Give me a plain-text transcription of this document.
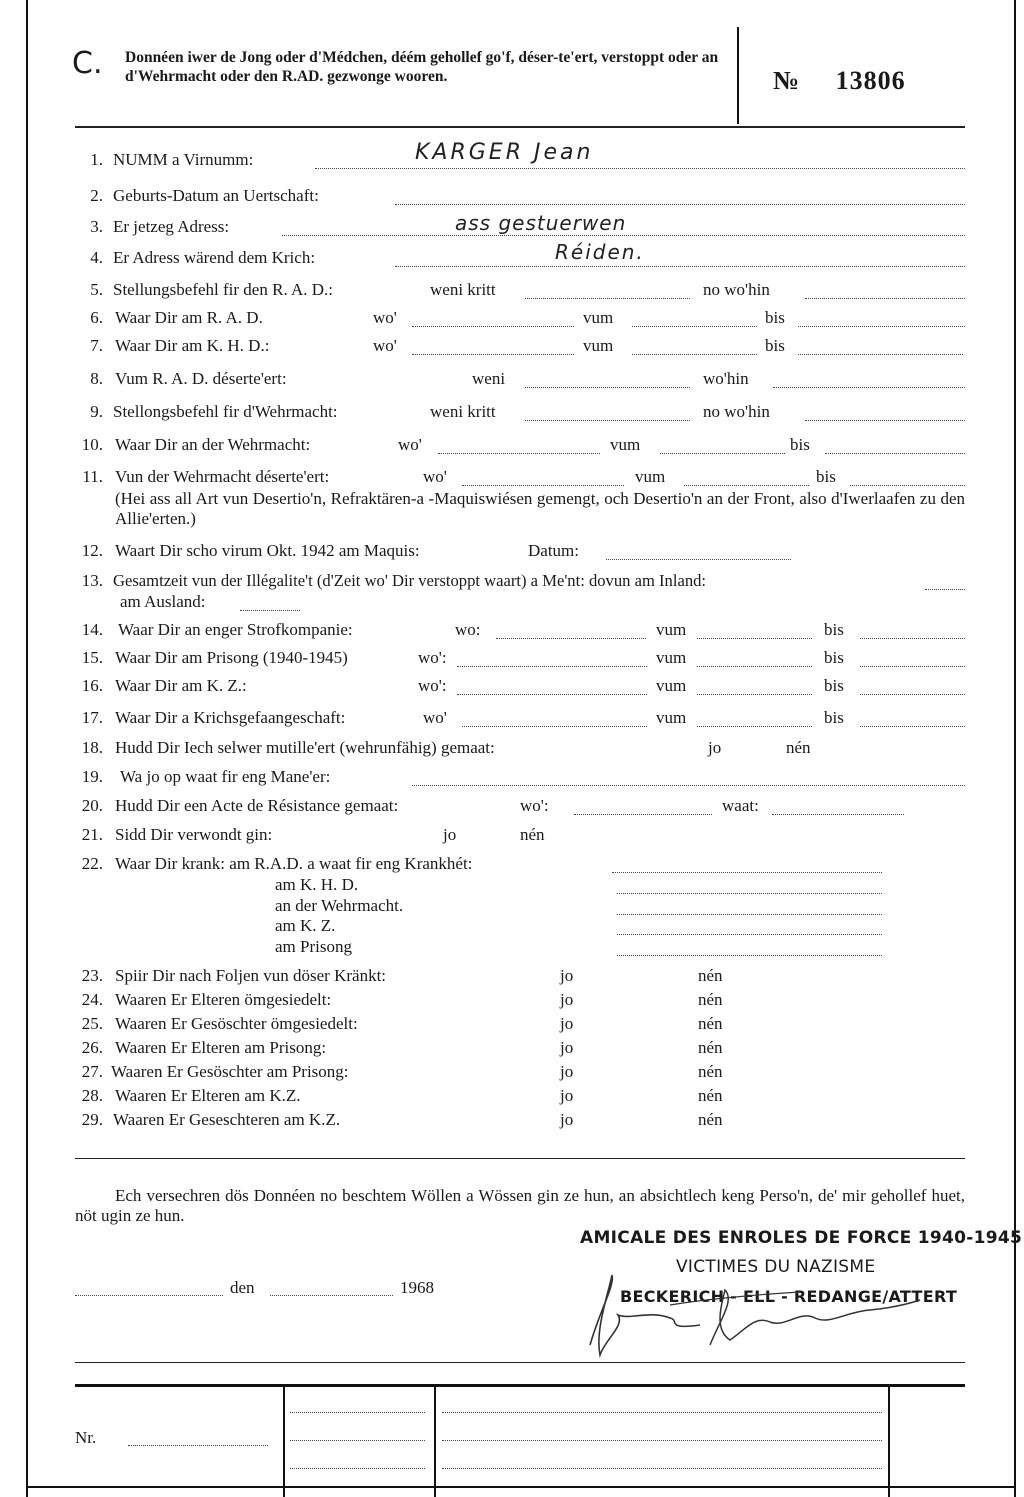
C. Donnéen iwer de Jong oder d'Médchen, déém gehollef go'f, déser-te'ert, verstoppt oder an d'Wehrmacht oder den R.AD. gezwonge wooren.	№ 13806
1. NUMM a Virnumm:	KARGER Jean
2. Geburts-Datum an Uertschaft:
3. Er jetzeg Adress:	ass gestuerwen
4. Er Adress wärend dem Krich:	Réiden.
5. Stellungsbefehl fir den R. A. D.:	weni kritt	no wo'hin
6. Waar Dir am R. A. D.	wo'	vum	bis
7. Waar Dir am K. H. D.:	wo'	vum	bis
8. Vum R. A. D. déserte'ert:	weni	wo'hin
9. Stellongsbefehl fir d'Wehrmacht:	weni kritt	no wo'hin
10. Waar Dir an der Wehrmacht:	wo'	vum	bis
11. Vun der Wehrmacht déserte'ert:	wo'	vum	bis
(Hei ass all Art vun Desertio'n, Refraktären-a -Maquiswiésen gemengt, och Desertio'n an der Front, also d'Iwerlaafen zu den Allie'erten.)
12. Waart Dir scho virum Okt. 1942 am Maquis:	Datum:
13. Gesamtzeit vun der Illégalite't (d'Zeit wo' Dir verstoppt waart) a Me'nt: dovun am Inland:
am Ausland:
14. Waar Dir an enger Strofkompanie:	wo:	vum	bis
15. Waar Dir am Prisong (1940-1945)	wo':	vum	bis
16. Waar Dir am K. Z.:	wo':	vum	bis
17. Waar Dir a Krichsgefaangeschaft:	wo'	vum	bis
18. Hudd Dir Iech selwer mutille'ert (wehrunfähig) gemaat:	jo	nén
19. Wa jo op waat fir eng Mane'er:
20. Hudd Dir een Acte de Résistance gemaat:	wo':	waat:
21. Sidd Dir verwondt gin:	jo	nén
22. Waar Dir krank: am R.A.D. a waat fir eng Krankhét:
am K. H. D.
an der Wehrmacht.
am K. Z.
am Prisong
23. Spiir Dir nach Foljen vun döser Kränkt:	jo	nén
24. Waaren Er Elteren ömgesiedelt:	jo	nén
25. Waaren Er Gesöschter ömgesiedelt:	jo	nén
26. Waaren Er Elteren am Prisong:	jo	nén
27. Waaren Er Gesöschter am Prisong:	jo	nén
28. Waaren Er Elteren am K.Z.	jo	nén
29. Waaren Er Geseschteren am K.Z.	jo	nén
Ech versechren dös Donnéen no beschtem Wöllen a Wössen gin ze hun, an absichtlech keng Perso'n, de' mir gehollef huet, nöt ugin ze hun.
den	1968
AMICALE DES ENROLES DE FORCE 1940-1945
VICTIMES DU NAZISME
BECKERICH - ELL - REDANGE/ATTERT
Nr.
